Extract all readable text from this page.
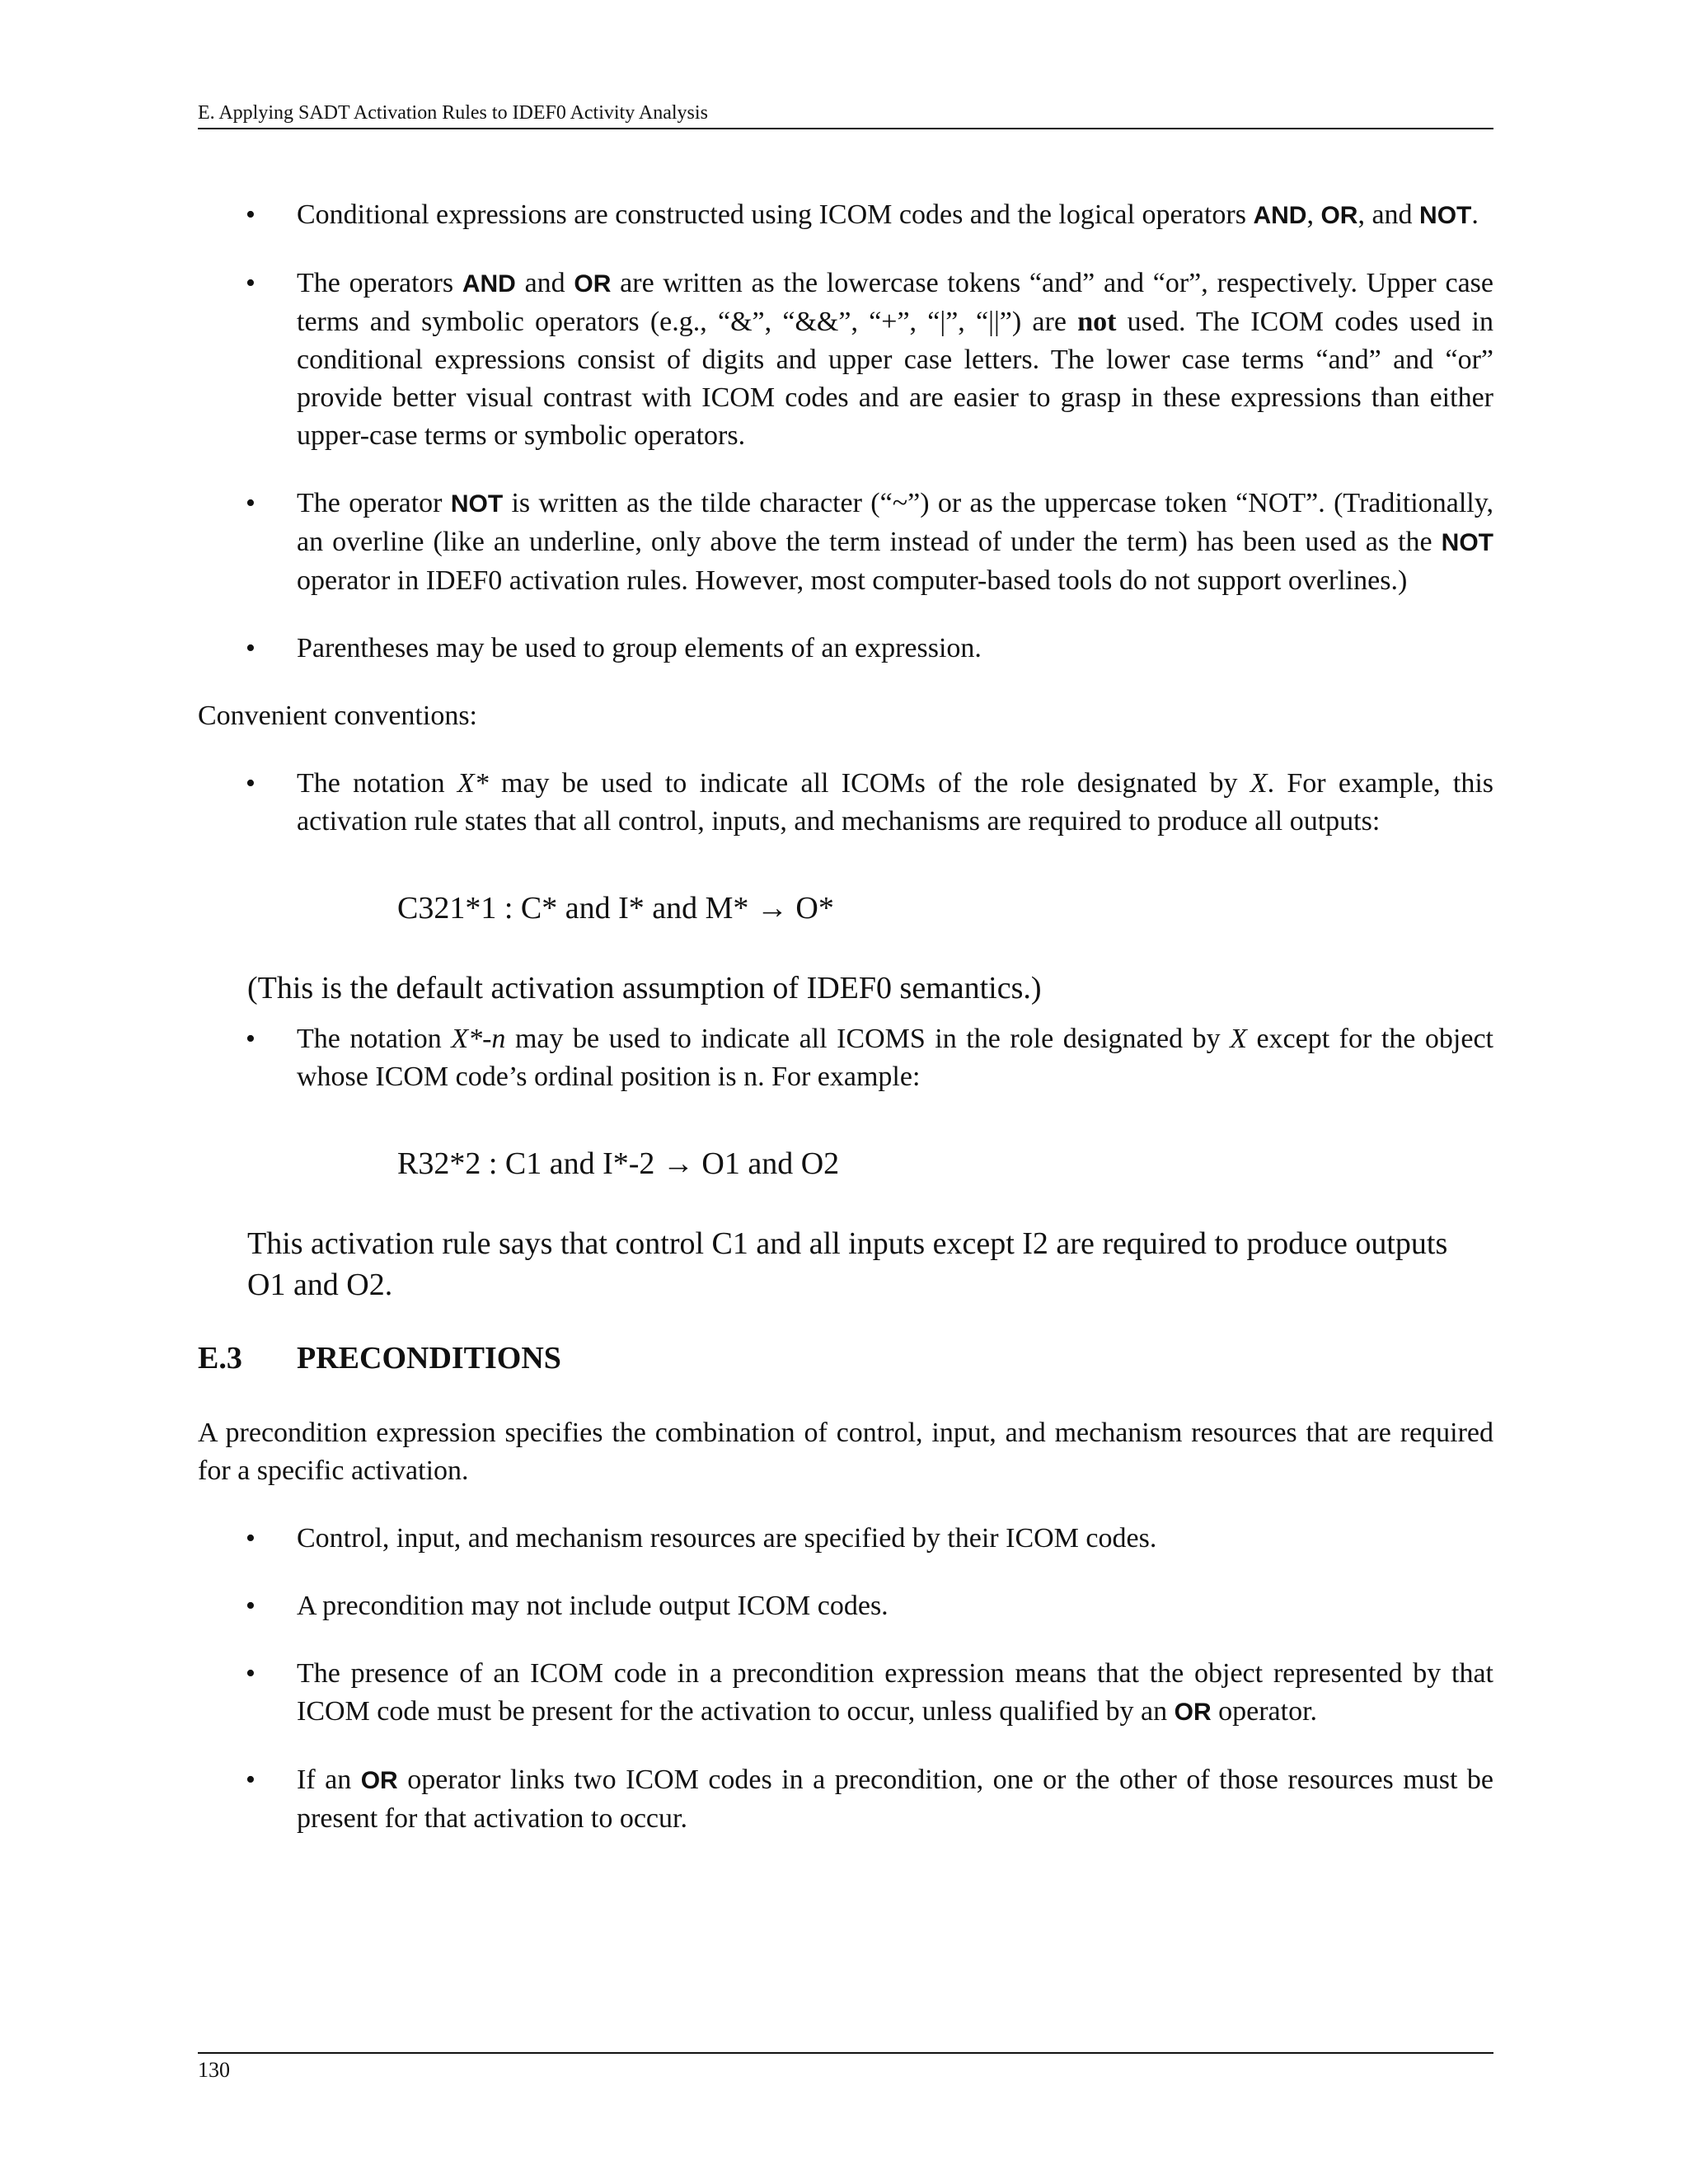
E. Applying SADT Activation Rules to IDEF0 Activity Analysis
• Conditional expressions are constructed using ICOM codes and the logical operators AND, OR, and NOT.
• The operators AND and OR are written as the lowercase tokens “and” and “or”, respectively. Upper case terms and symbolic operators (e.g., “&”, “&&”, “+”, “|”, “||”) are not used. The ICOM codes used in conditional expressions consist of digits and upper case letters. The lower case terms “and” and “or” provide better visual contrast with ICOM codes and are easier to grasp in these expressions than either upper-case terms or symbolic operators.
• The operator NOT is written as the tilde character (“~”) or as the uppercase token “NOT”. (Traditionally, an overline (like an underline, only above the term instead of under the term) has been used as the NOT operator in IDEF0 activation rules. However, most computer-based tools do not support overlines.)
• Parentheses may be used to group elements of an expression.
Convenient conventions:
• The notation X* may be used to indicate all ICOMs of the role designated by X. For example, this activation rule states that all control, inputs, and mechanisms are required to produce all outputs:
C321*1 : C* and I* and M* → O*
(This is the default activation assumption of IDEF0 semantics.)
• The notation X*-n may be used to indicate all ICOMS in the role designated by X except for the object whose ICOM code’s ordinal position is n. For example:
R32*2 : C1 and I*-2 → O1 and O2
This activation rule says that control C1 and all inputs except I2 are required to produce outputs O1 and O2.
E.3 PRECONDITIONS
A precondition expression specifies the combination of control, input, and mechanism resources that are required for a specific activation.
• Control, input, and mechanism resources are specified by their ICOM codes.
• A precondition may not include output ICOM codes.
• The presence of an ICOM code in a precondition expression means that the object represented by that ICOM code must be present for the activation to occur, unless qualified by an OR operator.
• If an OR operator links two ICOM codes in a precondition, one or the other of those resources must be present for that activation to occur.
130
